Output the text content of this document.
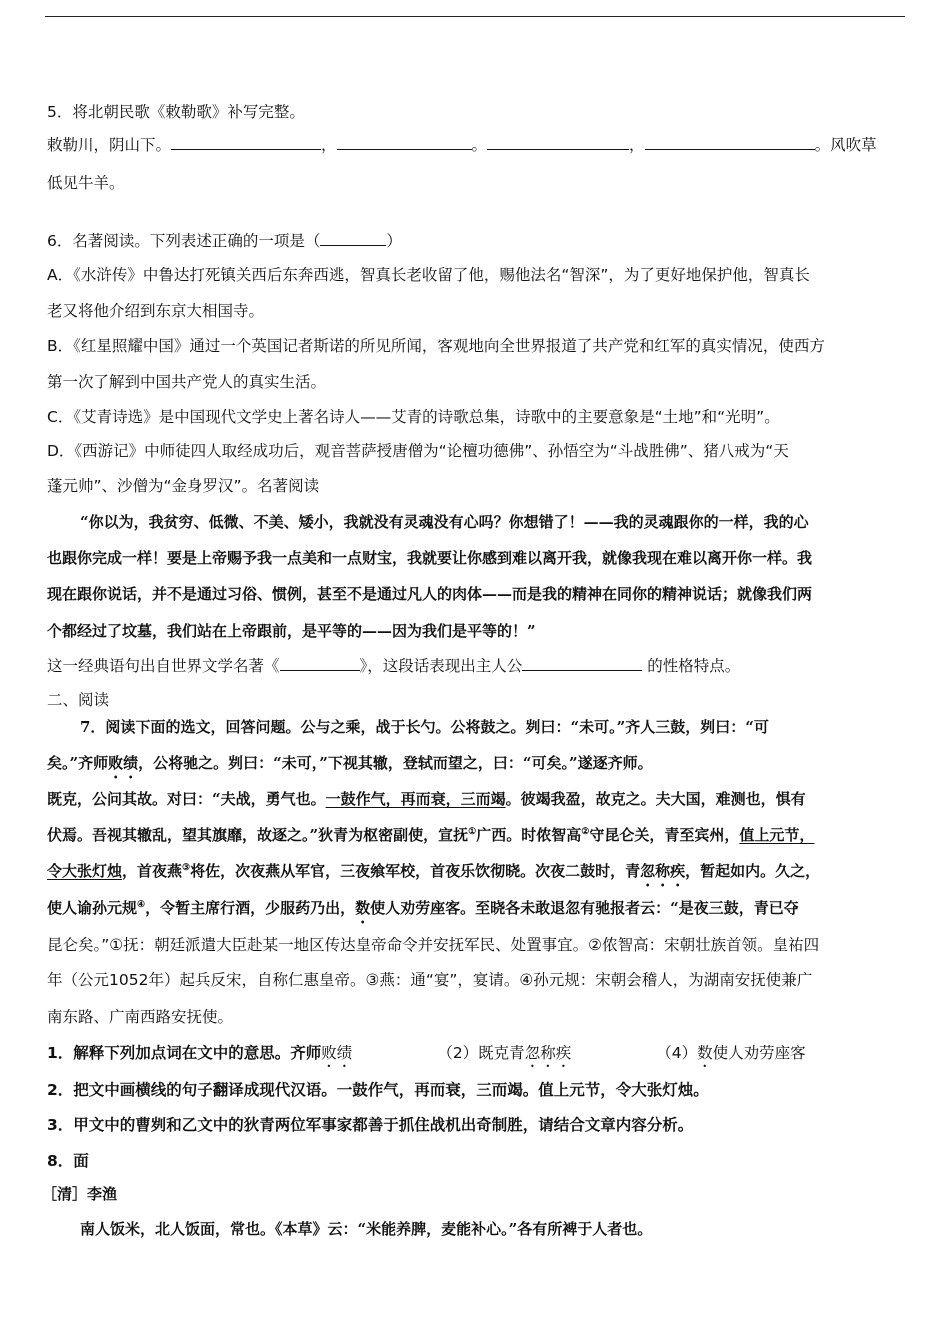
5．将北朝民歌《敕勒歌》补写完整。
敕勒川，阴山下。	，	。	，	。风吹草
低见牛羊。
6．名著阅读。下列表述正确的一项是（	）
A．《水浒传》中鲁达打死镇关西后东奔西逃，智真长老收留了他，赐他法名“智深”，为了更好地保护他，智真长
老又将他介绍到东京大相国寺。
B．《红星照耀中国》通过一个英国记者斯诺的所见所闻，客观地向全世界报道了共产党和红军的真实情况，使西方
第一次了解到中国共产党人的真实生活。
C．《艾青诗选》是中国现代文学史上著名诗人——艾青的诗歌总集，诗歌中的主要意象是“土地”和“光明”。
D．《西游记》中师徒四人取经成功后，观音菩萨授唐僧为“论檀功德佛”、孙悟空为“斗战胜佛”、猪八戒为“天
蓬元帅”、沙僧为“金身罗汉”。名著阅读
“你以为，我贫穷、低微、不美、矮小，我就没有灵魂没有心吗？你想错了！——我的灵魂跟你的一样，我的心
也跟你完成一样！要是上帝赐予我一点美和一点财宝，我就要让你感到难以离开我，就像我现在难以离开你一样。我
现在跟你说话，并不是通过习俗、惯例，甚至不是通过凡人的肉体——而是我的精神在同你的精神说话；就像我们两
个都经过了坟墓，我们站在上帝跟前，是平等的——因为我们是平等的！”
这一经典语句出自世界文学名著《	》，这段话表现出主人公	的性格特点。
二、阅读
7．阅读下面的选文，回答问题。公与之乘，战于长勺。公将鼓之。刿曰：“未可。”齐人三鼓，刿曰：“可
矣。”齐师败绩，公将驰之。刿曰：“未可，”下视其辙，登轼而望之，曰：“可矣。”遂逐齐师。
既克，公问其故。对曰：“夫战，勇气也。一鼓作气，再而衰，三而竭。彼竭我盈，故克之。夫大国，难测也，惧有
伏焉。吾视其辙乱，望其旗靡，故逐之。”狄青为枢密副使，宣抚①广西。时侬智高②守昆仑关，青至宾州，值上元节，
令大张灯烛，首夜燕③将佐，次夜燕从军官，三夜飨军校，首夜乐饮彻晓。次夜二鼓时，青忽称疾，暂起如内。久之，
使人谕孙元规④，令暂主席行酒，少服药乃出，数使人劝劳座客。至晓各未敢退忽有驰报者云：“是夜三鼓，青已夺
昆仑矣。”①抚：朝廷派遣大臣赴某一地区传达皇帝命令并安抚军民、处置事宜。②侬智高：宋朝壮族首领。皇祐四
年（公元1052年）起兵反宋，自称仁惠皇帝。③燕：通“宴”，宴请。④孙元规：宋朝会稽人，为湖南安抚使兼广
南东路、广南西路安抚使。
1．解释下列加点词在文中的意思。齐师败绩	（2）既克青忽称疾	（4）数使人劝劳座客
2．把文中画横线的句子翻译成现代汉语。一鼓作气，再而衰，三而竭。值上元节，令大张灯烛。
3．甲文中的曹刿和乙文中的狄青两位军事家都善于抓住战机出奇制胜，请结合文章内容分析。
8．面
［清］李渔
南人饭米，北人饭面，常也。《本草》云：“米能养脾，麦能补心。”各有所裨于人者也。
